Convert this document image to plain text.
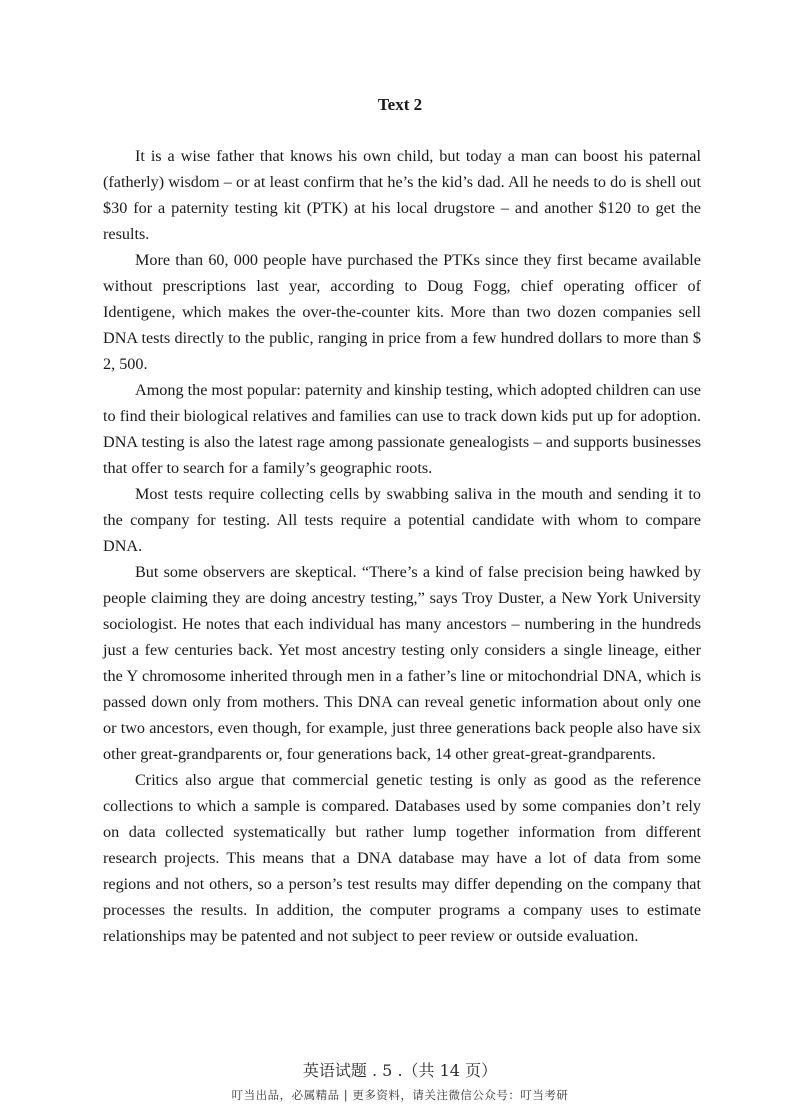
Text 2

It is a wise father that knows his own child, but today a man can boost his paternal (fatherly) wisdom – or at least confirm that he’s the kid’s dad. All he needs to do is shell out $30 for a paternity testing kit (PTK) at his local drugstore – and another $120 to get the results.

More than 60, 000 people have purchased the PTKs since they first became available without prescriptions last year, according to Doug Fogg, chief operating officer of Identigene, which makes the over-the-counter kits. More than two dozen companies sell DNA tests directly to the public, ranging in price from a few hundred dollars to more than $ 2, 500.

Among the most popular: paternity and kinship testing, which adopted children can use to find their biological relatives and families can use to track down kids put up for adoption. DNA testing is also the latest rage among passionate genealogists – and supports businesses that offer to search for a family’s geographic roots.

Most tests require collecting cells by swabbing saliva in the mouth and sending it to the company for testing. All tests require a potential candidate with whom to compare DNA.

But some observers are skeptical. “There’s a kind of false precision being hawked by people claiming they are doing ancestry testing,” says Troy Duster, a New York University sociologist. He notes that each individual has many ancestors – numbering in the hundreds just a few centuries back. Yet most ancestry testing only considers a single lineage, either the Y chromosome inherited through men in a father’s line or mitochondrial DNA, which is passed down only from mothers. This DNA can reveal genetic information about only one or two ancestors, even though, for example, just three generations back people also have six other great-grandparents or, four generations back, 14 other great-great-grandparents.

Critics also argue that commercial genetic testing is only as good as the reference collections to which a sample is compared. Databases used by some companies don’t rely on data collected systematically but rather lump together information from different research projects. This means that a DNA database may have a lot of data from some regions and not others, so a person’s test results may differ depending on the company that processes the results. In addition, the computer programs a company uses to estimate relationships may be patented and not subject to peer review or outside evaluation.

英语试题 . 5 .（共 14 页）
叮当出品，必属精品 | 更多资料，请关注微信公众号：叮当考研
